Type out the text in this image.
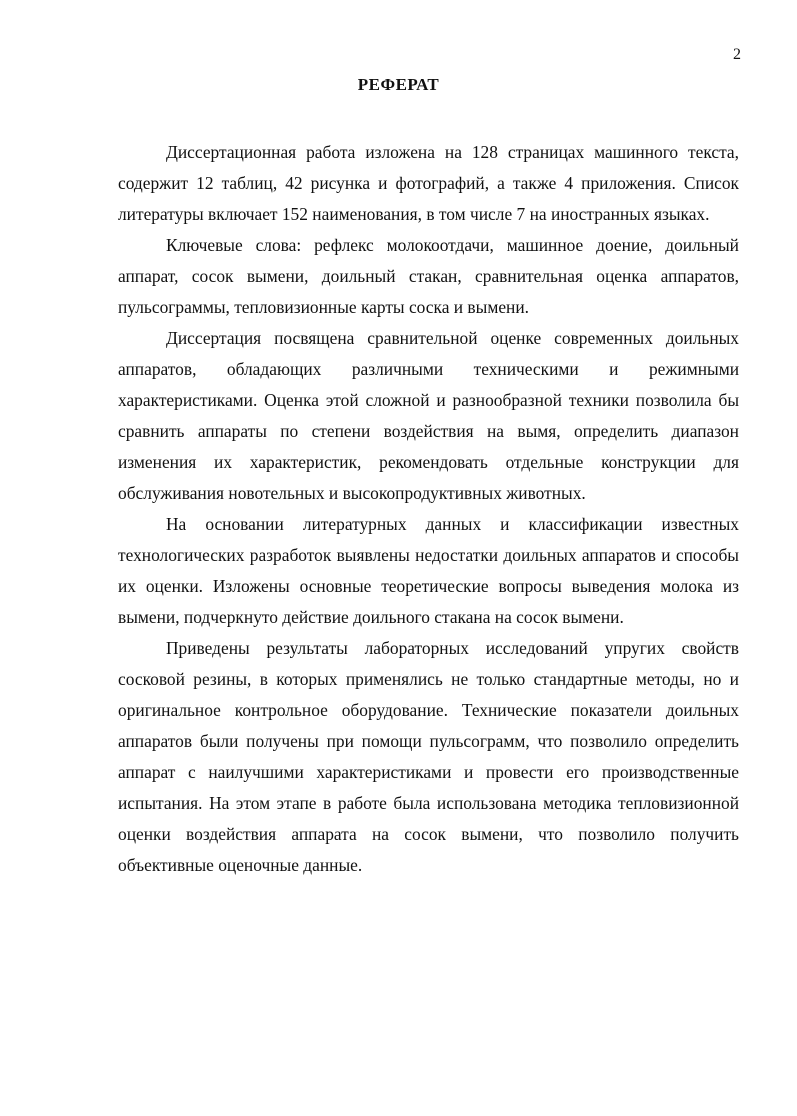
2
РЕФЕРАТ

Диссертационная работа изложена на 128 страницах машинного текста, содержит 12 таблиц, 42 рисунка и фотографий, а также 4 приложения. Список литературы включает 152 наименования, в том числе 7 на иностранных языках.

Ключевые слова: рефлекс молокоотдачи, машинное доение, доильный аппарат, сосок вымени, доильный стакан, сравнительная оценка аппаратов, пульсограммы, тепловизионные карты соска и вымени.

Диссертация посвящена сравнительной оценке современных доильных аппаратов, обладающих различными техническими и режимными характеристиками. Оценка этой сложной и разнообразной техники позволила бы сравнить аппараты по степени воздействия на вымя, определить диапазон изменения их характеристик, рекомендовать отдельные конструкции для обслуживания новотельных и высокопродуктивных животных.

На основании литературных данных и классификации известных технологических разработок выявлены недостатки доильных аппаратов и способы их оценки. Изложены основные теоретические вопросы выведения молока из вымени, подчеркнуто действие доильного стакана на сосок вымени.

Приведены результаты лабораторных исследований упругих свойств сосковой резины, в которых применялись не только стандартные методы, но и оригинальное контрольное оборудование. Технические показатели доильных аппаратов были получены при помощи пульсограмм, что позволило определить аппарат с наилучшими характеристиками и провести его производственные испытания. На этом этапе в работе была использована методика тепловизионной оценки воздействия аппарата на сосок вымени, что позволило получить объективные оценочные данные.
